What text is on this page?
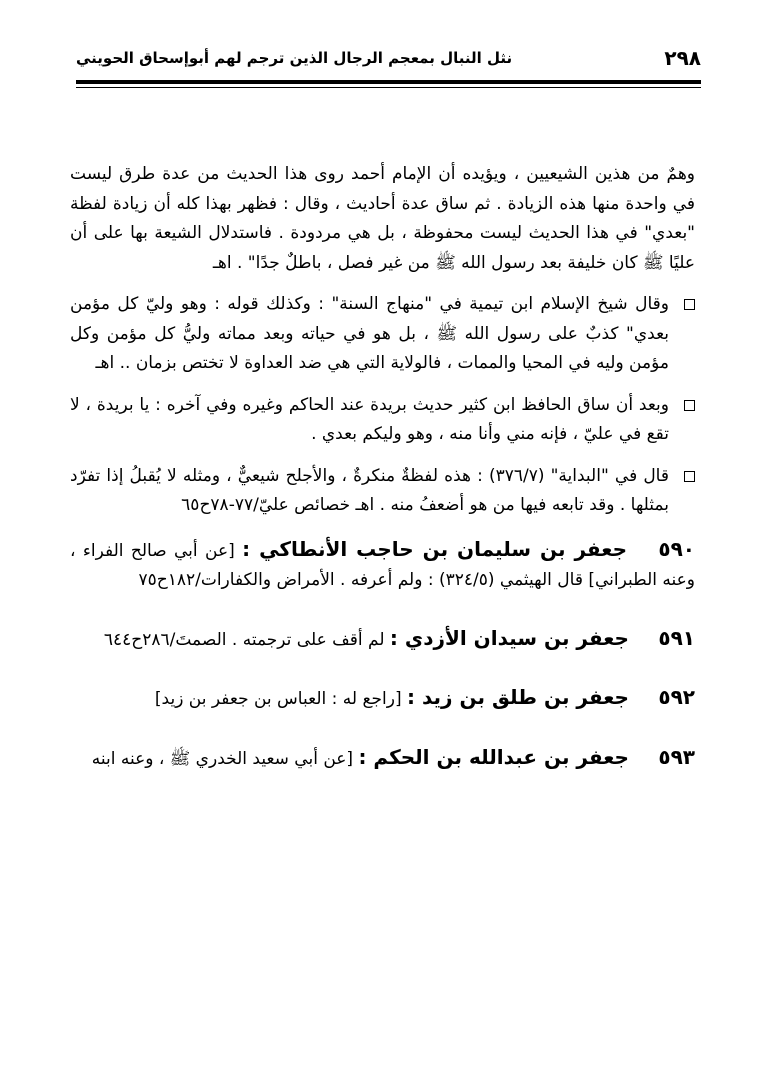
٢٩٨
نثل النبال بمعجم الرجال الذين ترجم لهم أبوإسحاق الحويني

وهمٌ من هذين الشيعيين ، ويؤيده أن الإمام أحمد روى هذا الحديث من عدة طرق ليست في واحدة منها هذه الزيادة . ثم ساق عدة أحاديث ، وقال : فظهر بهذا كله أن زيادة لفظة "بعدي" في هذا الحديث ليست محفوظة ، بل هي مردودة . فاستدلال الشيعة بها على أن عليًا ﷺ كان خليفة بعد رسول الله ﷺ من غير فصل ، باطلٌ جدًا" . اهـ

وقال شيخ الإسلام ابن تيمية في "منهاج السنة" : وكذلك قوله : وهو وليّ كل مؤمن بعدي" كذبٌ على رسول الله ﷺ ، بل هو في حياته وبعد مماته وليُّ كل مؤمن وكل مؤمن وليه في المحيا والممات ، فالولاية التي هي ضد العداوة لا تختص بزمان .. اهـ

وبعد أن ساق الحافظ ابن كثير حديث بريدة عند الحاكم وغيره وفي آخره : يا بريدة ، لا تقع في عليّ ، فإنه مني وأنا منه ، وهو وليكم بعدي .

قال في "البداية" (٣٧٦/٧) : هذه لفظةٌ منكرةٌ ، والأجلح شيعيٌّ ، ومثله لا يُقبلُ إذا تفرّد بمثلها . وقد تابعه فيها من هو أضعفُ منه . اهـ خصائص عليّ/٧٧-٧٨ح٦٥

٥٩٠ جعفر بن سليمان بن حاجب الأنطاكي : [عن أبي صالح الفراء ، وعنه الطبراني] قال الهيثمي (٣٢٤/٥) : ولم أعرفه . الأمراض والكفارات/١٨٢ح٧٥

٥٩١ جعفر بن سيدان الأزدي : لم أقف على ترجمته . الصمتَ/٢٨٦ح٦٤٤

٥٩٢ جعفر بن طلق بن زيد : [راجع له : العباس بن جعفر بن زيد]

٥٩٣ جعفر بن عبدالله بن الحكم : [عن أبي سعيد الخدري ﷺ ، وعنه ابنه
